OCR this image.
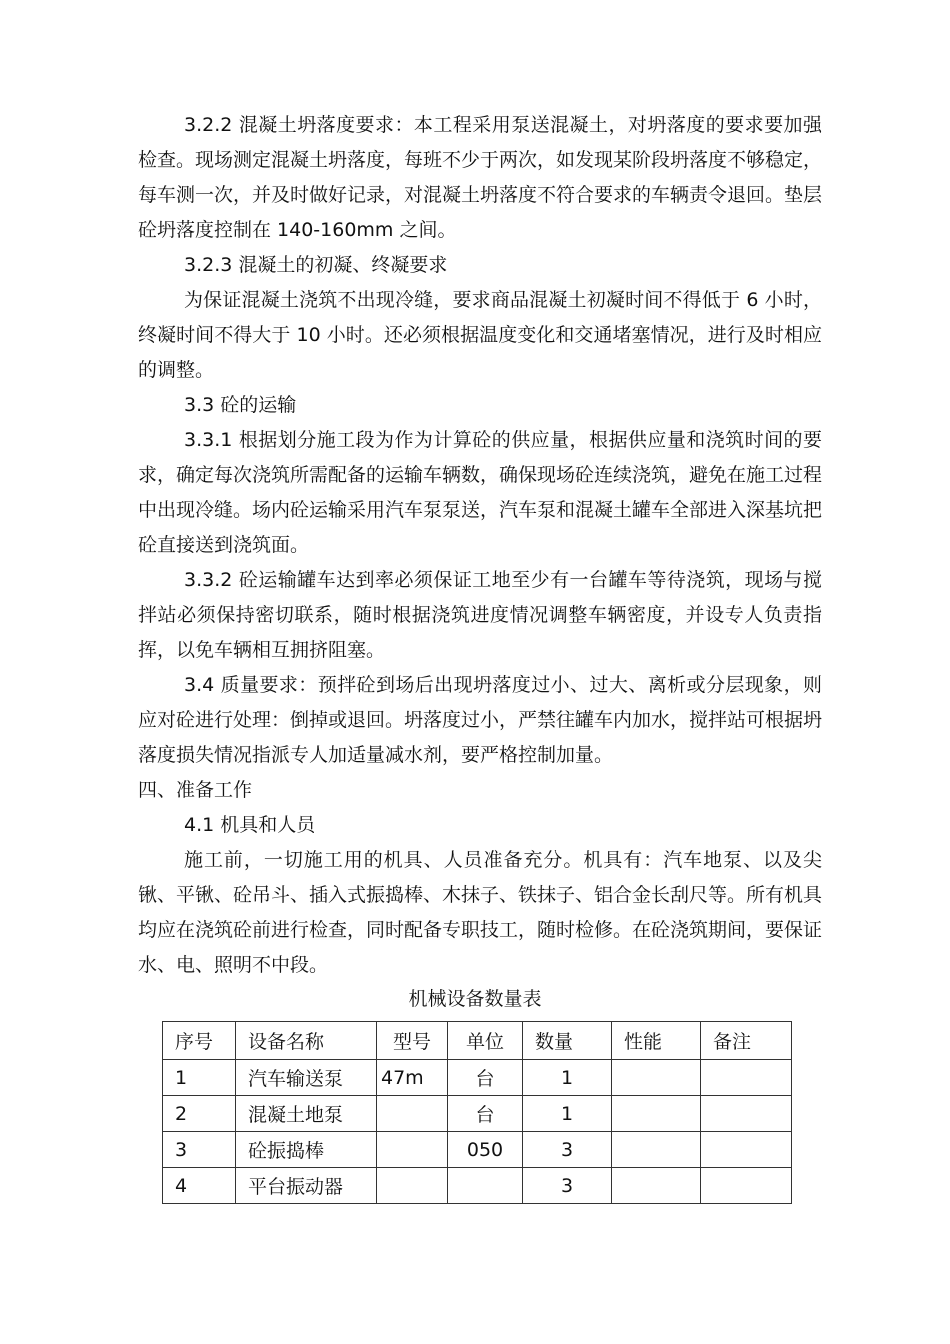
3.2.2 混凝土坍落度要求：本工程采用泵送混凝土，对坍落度的要求要加强检查。现场测定混凝土坍落度，每班不少于两次，如发现某阶段坍落度不够稳定，每车测一次，并及时做好记录，对混凝土坍落度不符合要求的车辆责令退回。垫层砼坍落度控制在 140-160mm 之间。

3.2.3 混凝土的初凝、终凝要求

为保证混凝土浇筑不出现冷缝，要求商品混凝土初凝时间不得低于 6 小时，终凝时间不得大于 10 小时。还必须根据温度变化和交通堵塞情况，进行及时相应的调整。

3.3 砼的运输

3.3.1 根据划分施工段为作为计算砼的供应量，根据供应量和浇筑时间的要求，确定每次浇筑所需配备的运输车辆数，确保现场砼连续浇筑，避免在施工过程中出现冷缝。场内砼运输采用汽车泵泵送，汽车泵和混凝土罐车全部进入深基坑把砼直接送到浇筑面。

3.3.2 砼运输罐车达到率必须保证工地至少有一台罐车等待浇筑，现场与搅拌站必须保持密切联系，随时根据浇筑进度情况调整车辆密度，并设专人负责指挥，以免车辆相互拥挤阻塞。

3.4 质量要求：预拌砼到场后出现坍落度过小、过大、离析或分层现象，则应对砼进行处理：倒掉或退回。坍落度过小，严禁往罐车内加水，搅拌站可根据坍落度损失情况指派专人加适量减水剂，要严格控制加量。

四、准备工作

4.1 机具和人员

施工前，一切施工用的机具、人员准备充分。机具有：汽车地泵、以及尖锹、平锹、砼吊斗、插入式振捣棒、木抹子、铁抹子、铝合金长刮尺等。所有机具均应在浇筑砼前进行检查，同时配备专职技工，随时检修。在砼浇筑期间，要保证水、电、照明不中段。

机械设备数量表

序号	设备名称	型号	单位	数量	性能	备注
1	汽车输送泵	47m	台	1		
2	混凝土地泵		台	1		
3	砼振捣棒		050	3		
4	平台振动器			3		
